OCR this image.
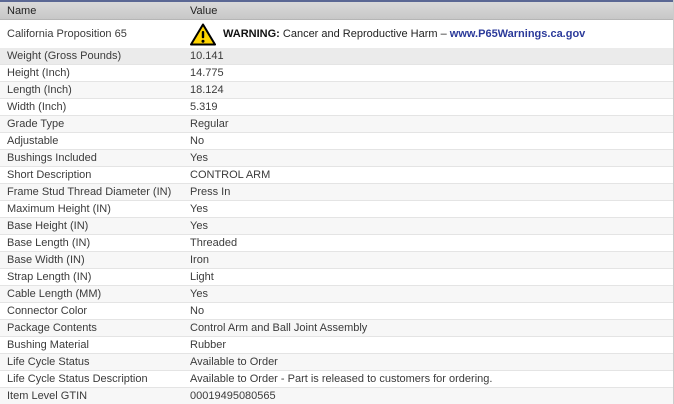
Name	Value
California Proposition 65	WARNING: Cancer and Reproductive Harm – www.P65Warnings.ca.gov
Weight (Gross Pounds)	10.141
Height (Inch)	14.775
Length (Inch)	18.124
Width (Inch)	5.319
Grade Type	Regular
Adjustable	No
Bushings Included	Yes
Short Description	CONTROL ARM
Frame Stud Thread Diameter (IN)	Press In
Maximum Height (IN)	Yes
Base Height (IN)	Yes
Base Length (IN)	Threaded
Base Width (IN)	Iron
Strap Length (IN)	Light
Cable Length (MM)	Yes
Connector Color	No
Package Contents	Control Arm and Ball Joint Assembly
Bushing Material	Rubber
Life Cycle Status	Available to Order
Life Cycle Status Description	Available to Order - Part is released to customers for ordering.
Item Level GTIN	00019495080565
